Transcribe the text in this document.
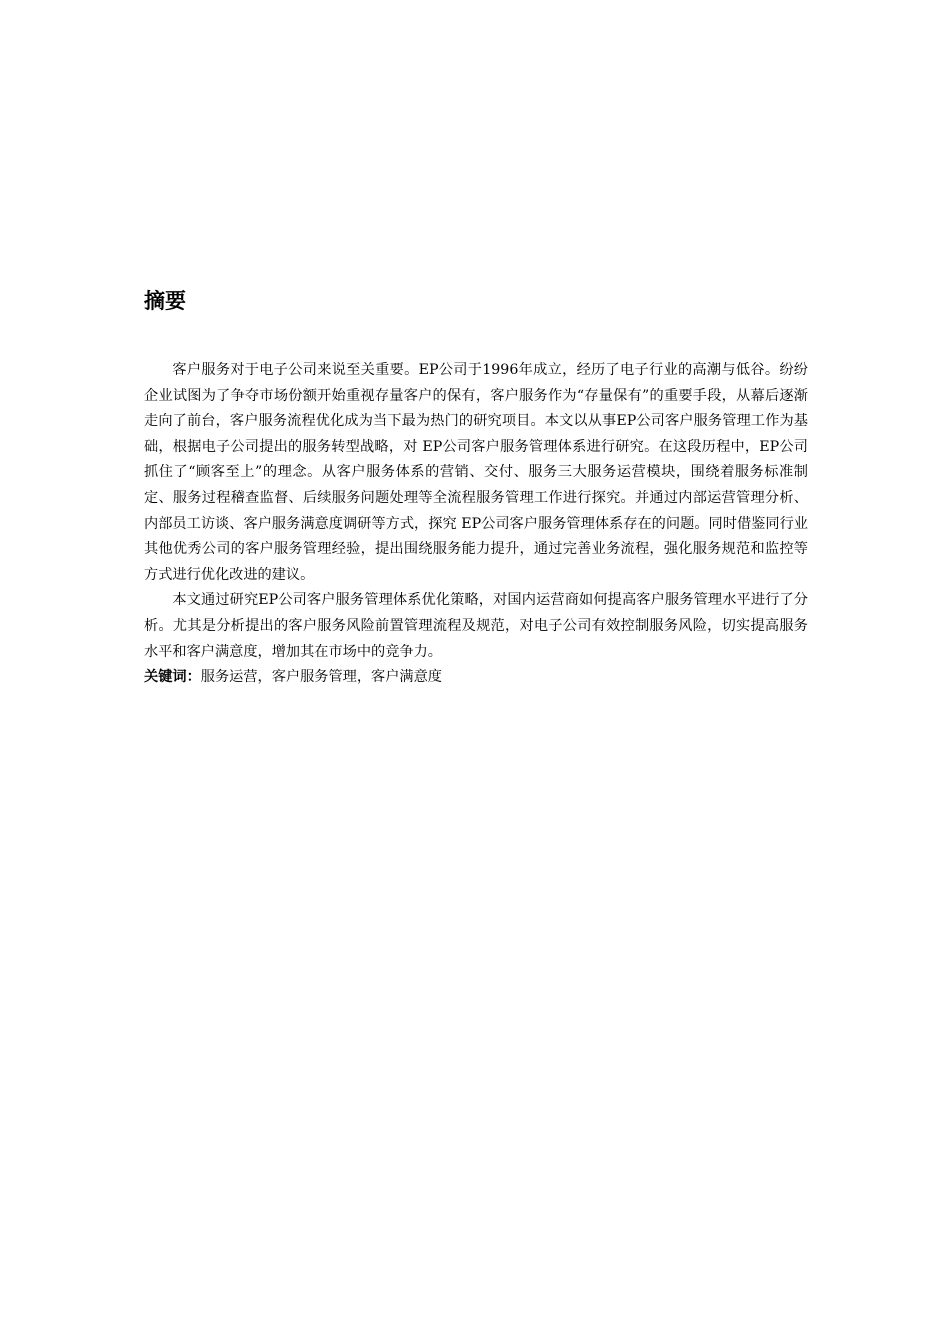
摘要

客户服务对于电子公司来说至关重要。EP公司于1996年成立，经历了电子行业的高潮与低谷。纷纷企业试图为了争夺市场份额开始重视存量客户的保有，客户服务作为“存量保有”的重要手段，从幕后逐渐走向了前台，客户服务流程优化成为当下最为热门的研究项目。本文以从事EP公司客户服务管理工作为基础，根据电子公司提出的服务转型战略，对 EP公司客户服务管理体系进行研究。在这段历程中，EP公司抓住了“顾客至上”的理念。从客户服务体系的营销、交付、服务三大服务运营模块，围绕着服务标准制定、服务过程稽查监督、后续服务问题处理等全流程服务管理工作进行探究。并通过内部运营管理分析、内部员工访谈、客户服务满意度调研等方式，探究 EP公司客户服务管理体系存在的问题。同时借鉴同行业其他优秀公司的客户服务管理经验，提出围绕服务能力提升，通过完善业务流程，强化服务规范和监控等方式进行优化改进的建议。

本文通过研究EP公司客户服务管理体系优化策略，对国内运营商如何提高客户服务管理水平进行了分析。尤其是分析提出的客户服务风险前置管理流程及规范，对电子公司有效控制服务风险，切实提高服务水平和客户满意度，增加其在市场中的竞争力。

关键词：服务运营，客户服务管理，客户满意度
